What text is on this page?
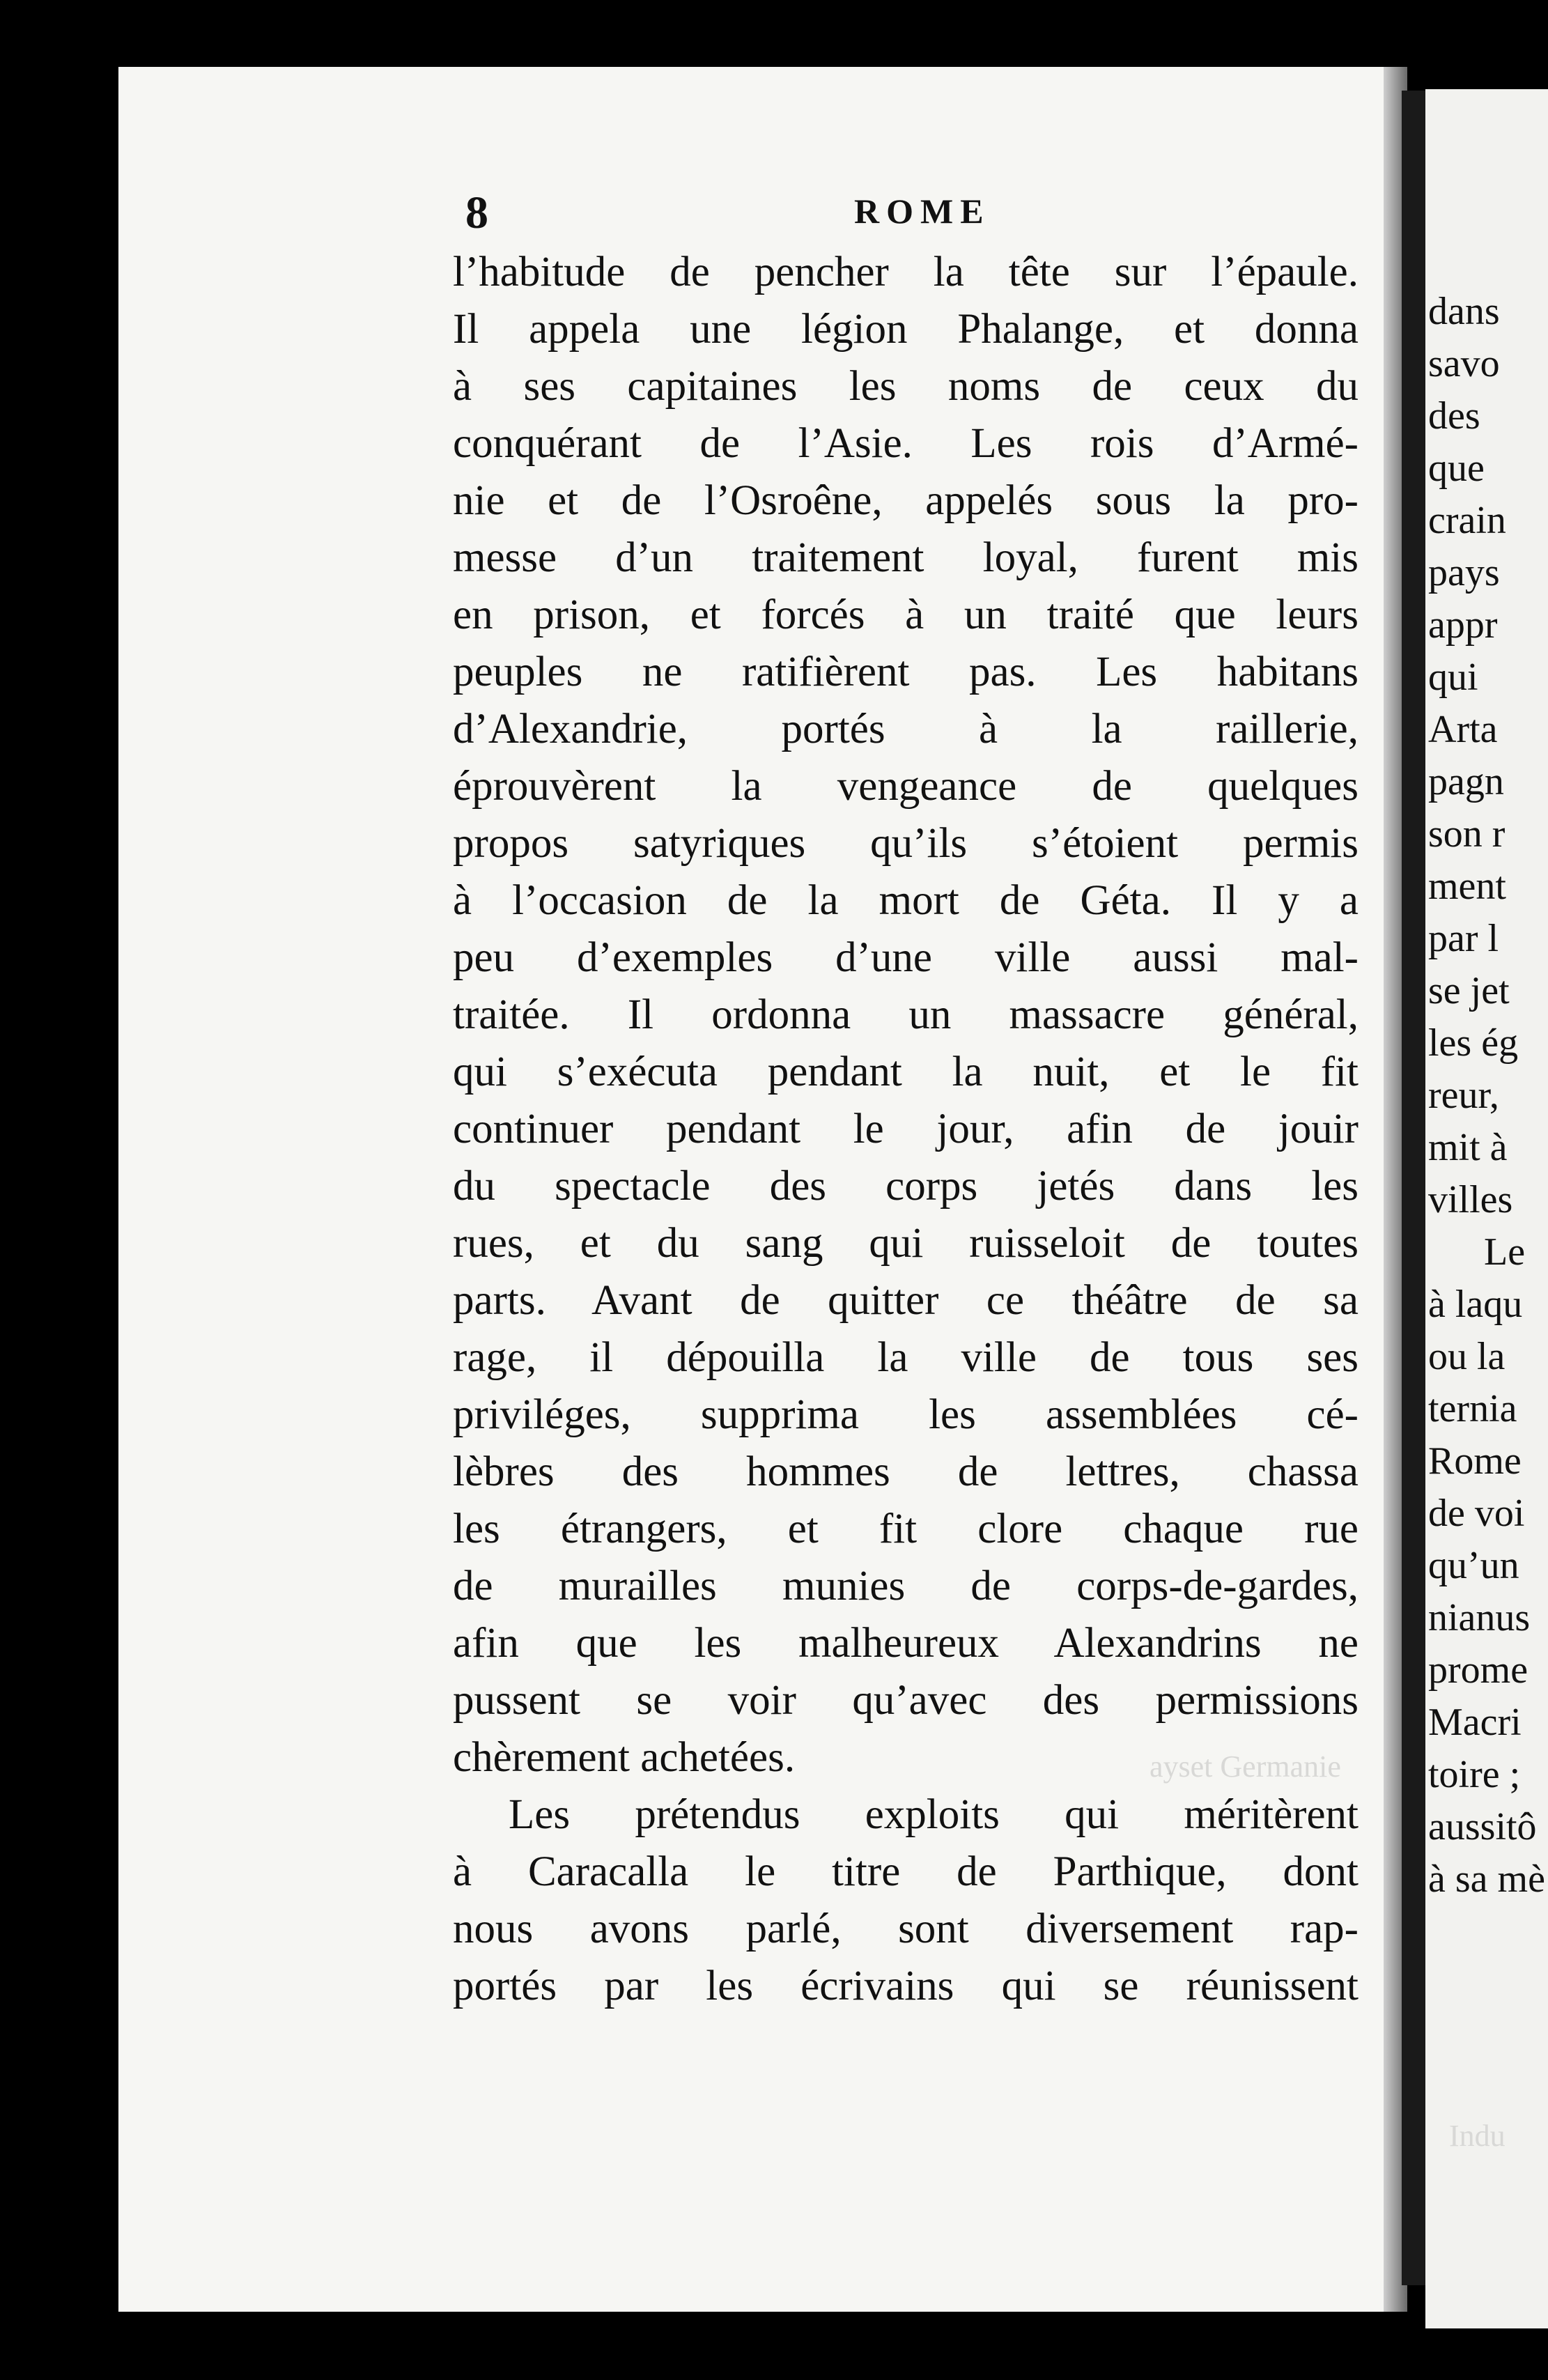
ayset Germanie
Indu
8	ROME
l’habitude de pencher la tête sur l’épaule.
Il appela une légion Phalange, et donna
à ses capitaines les noms de ceux du
conquérant de l’Asie. Les rois d’Armé-
nie et de l’Osroêne, appelés sous la pro-
messe d’un traitement loyal, furent mis
en prison, et forcés à un traité que leurs
peuples ne ratifièrent pas. Les habitans
d’Alexandrie, portés à la raillerie,
éprouvèrent la vengeance de quelques
propos satyriques qu’ils s’étoient permis
à l’occasion de la mort de Géta. Il y a
peu d’exemples d’une ville aussi mal-
traitée. Il ordonna un massacre général,
qui s’exécuta pendant la nuit, et le fit
continuer pendant le jour, afin de jouir
du spectacle des corps jetés dans les
rues, et du sang qui ruisseloit de toutes
parts. Avant de quitter ce théâtre de sa
rage, il dépouilla la ville de tous ses
priviléges, supprima les assemblées cé-
lèbres des hommes de lettres, chassa
les étrangers, et fit clore chaque rue
de murailles munies de corps-de-gardes,
afin que les malheureux Alexandrins ne
pussent se voir qu’avec des permissions
chèrement achetées.
Les prétendus exploits qui méritèrent
à Caracalla le titre de Parthique, dont
nous avons parlé, sont diversement rap-
portés par les écrivains qui se réunissent
dans
savo
des
que
crain
pays
appr
qui
Arta
pagn
son r
ment
par l
se jet
les ég
reur,
mit à
villes
Le
à laqu
ou la
ternia
Rome
de voi
qu’un
nianus
prome
Macri
toire ;
aussitô
à sa mè
